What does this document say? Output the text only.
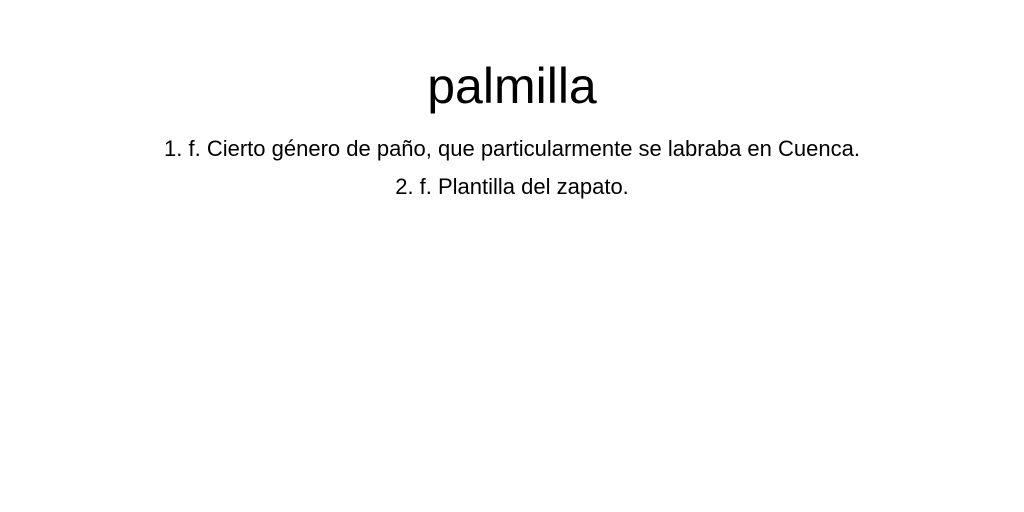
palmilla
1. f. Cierto género de paño, que particularmente se labraba en Cuenca.
2. f. Plantilla del zapato.
